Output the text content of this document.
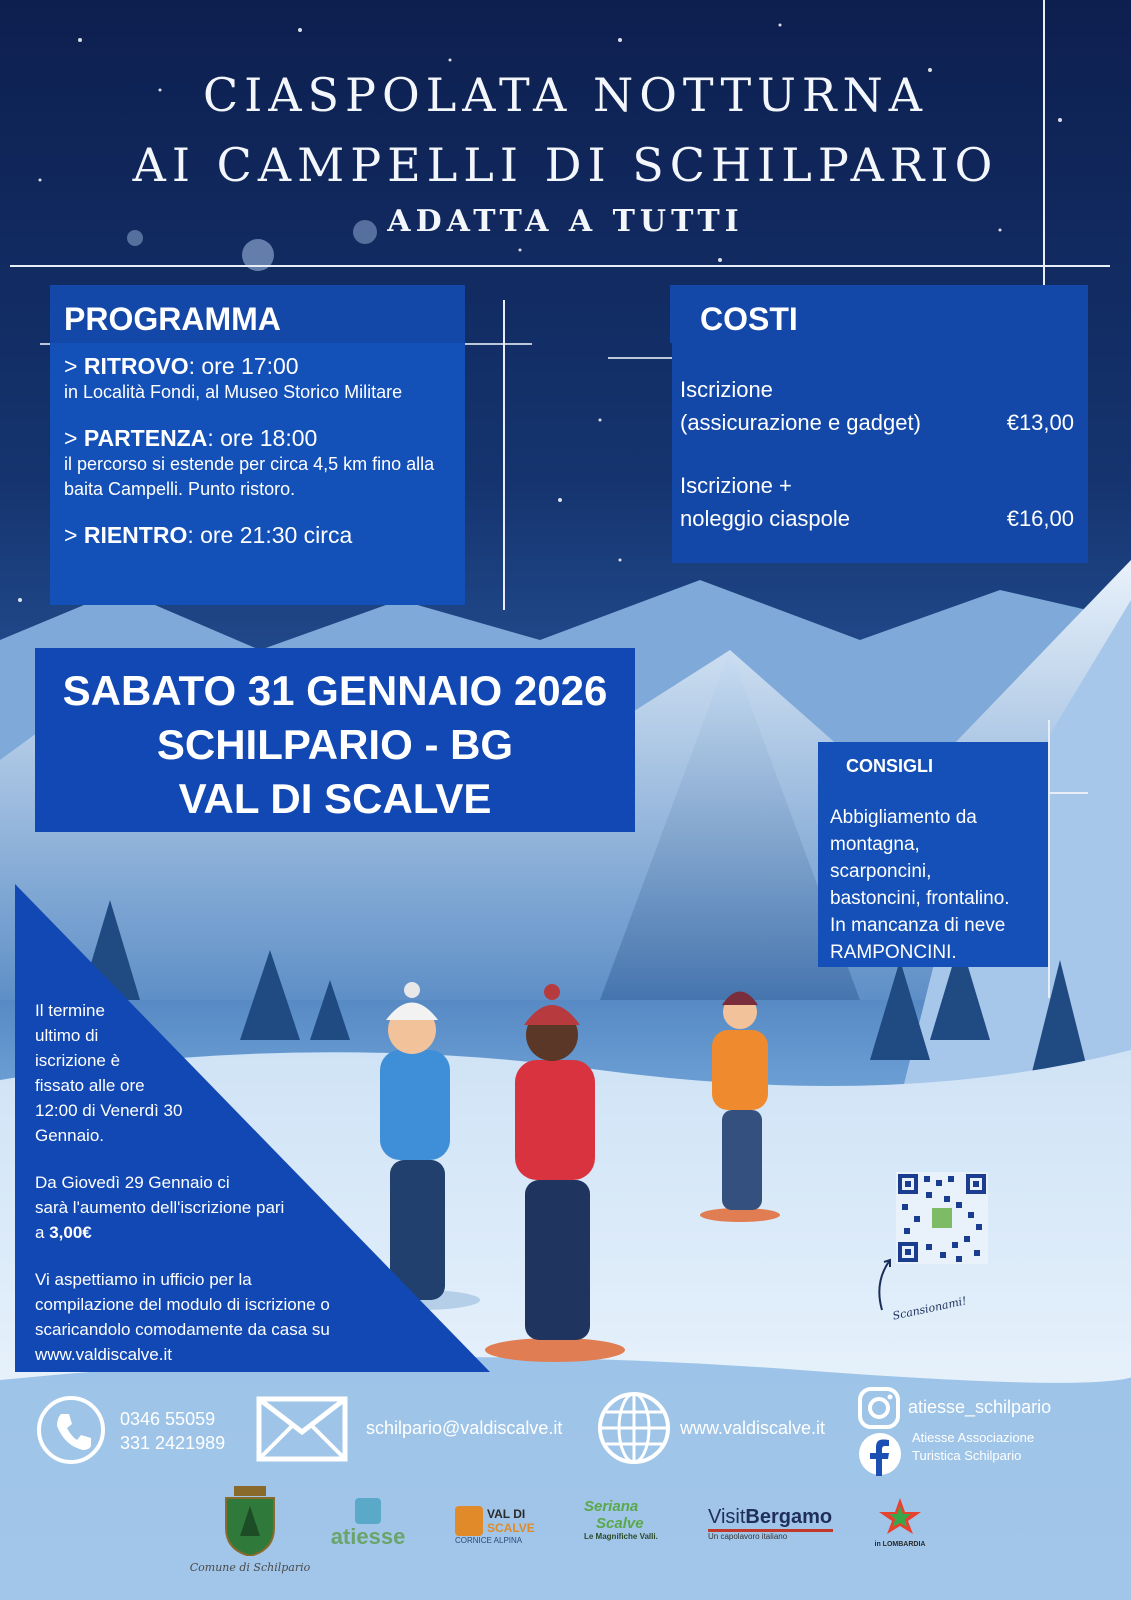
CIASPOLATA NOTTURNA
AI CAMPELLI DI SCHILPARIO
ADATTA A TUTTI
PROGRAMMA
> RITROVO: ore 17:00
in Località Fondi, al Museo Storico Militare
> PARTENZA: ore 18:00
il percorso si estende per circa 4,5 km fino alla baita Campelli. Punto ristoro.
> RIENTRO: ore 21:30 circa
COSTI
Iscrizione
(assicurazione e gadget)	€13,00
Iscrizione +
noleggio ciaspole	€16,00
SABATO 31 GENNAIO 2026
SCHILPARIO - BG
VAL DI SCALVE
CONSIGLI
Abbigliamento da
montagna,
scarponcini,
bastoncini, frontalino.
In mancanza di neve
RAMPONCINI.
Il termine
ultimo di
iscrizione è
fissato alle ore
12:00 di Venerdì 30
Gennaio.
Da Giovedì 29 Gennaio ci
sarà l'aumento dell'iscrizione pari
a 3,00€
Vi aspettiamo in ufficio per la
compilazione del modulo di iscrizione o
scaricandolo comodamente da casa su
www.valdiscalve.it
Scansionami!
0346 55059
331 2421989
schilpario@valdiscalve.it	www.valdiscalve.it
atiesse_schilpario
Atiesse Associazione
Turistica Schilpario
Comune di Schilpario
atiesse
VAL DI
SCALVE
CORNICE ALPINA
Seriana
Scalve
Le Magnifiche Valli.
VisitBergamo
Un capolavoro italiano
in LOMBARDIA
